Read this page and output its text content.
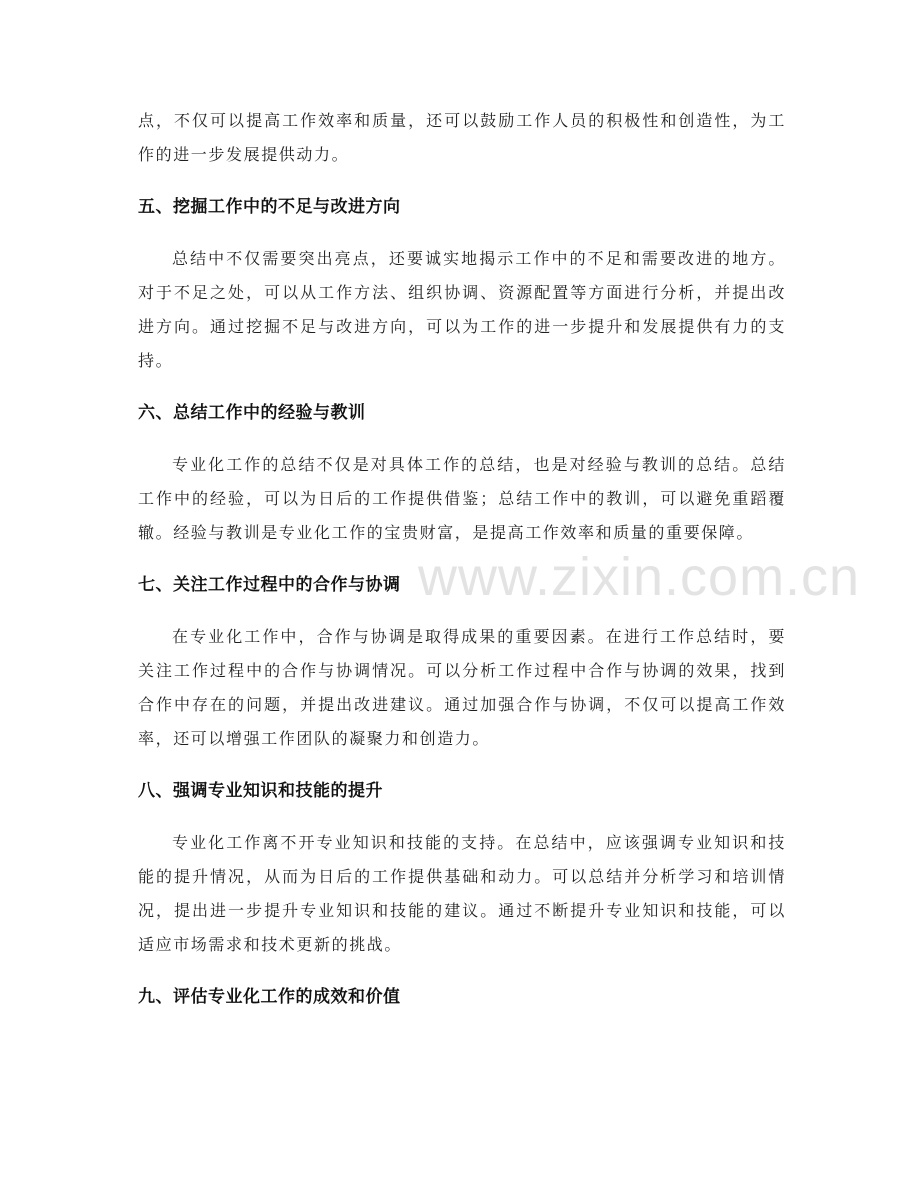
www.zixin.com.cn

点，不仅可以提高工作效率和质量，还可以鼓励工作人员的积极性和创造性，为工作的进一步发展提供动力。

五、挖掘工作中的不足与改进方向

总结中不仅需要突出亮点，还要诚实地揭示工作中的不足和需要改进的地方。对于不足之处，可以从工作方法、组织协调、资源配置等方面进行分析，并提出改进方向。通过挖掘不足与改进方向，可以为工作的进一步提升和发展提供有力的支持。

六、总结工作中的经验与教训

专业化工作的总结不仅是对具体工作的总结，也是对经验与教训的总结。总结工作中的经验，可以为日后的工作提供借鉴；总结工作中的教训，可以避免重蹈覆辙。经验与教训是专业化工作的宝贵财富，是提高工作效率和质量的重要保障。

七、关注工作过程中的合作与协调

在专业化工作中，合作与协调是取得成果的重要因素。在进行工作总结时，要关注工作过程中的合作与协调情况。可以分析工作过程中合作与协调的效果，找到合作中存在的问题，并提出改进建议。通过加强合作与协调，不仅可以提高工作效率，还可以增强工作团队的凝聚力和创造力。

八、强调专业知识和技能的提升

专业化工作离不开专业知识和技能的支持。在总结中，应该强调专业知识和技能的提升情况，从而为日后的工作提供基础和动力。可以总结并分析学习和培训情况，提出进一步提升专业知识和技能的建议。通过不断提升专业知识和技能，可以适应市场需求和技术更新的挑战。

九、评估专业化工作的成效和价值
